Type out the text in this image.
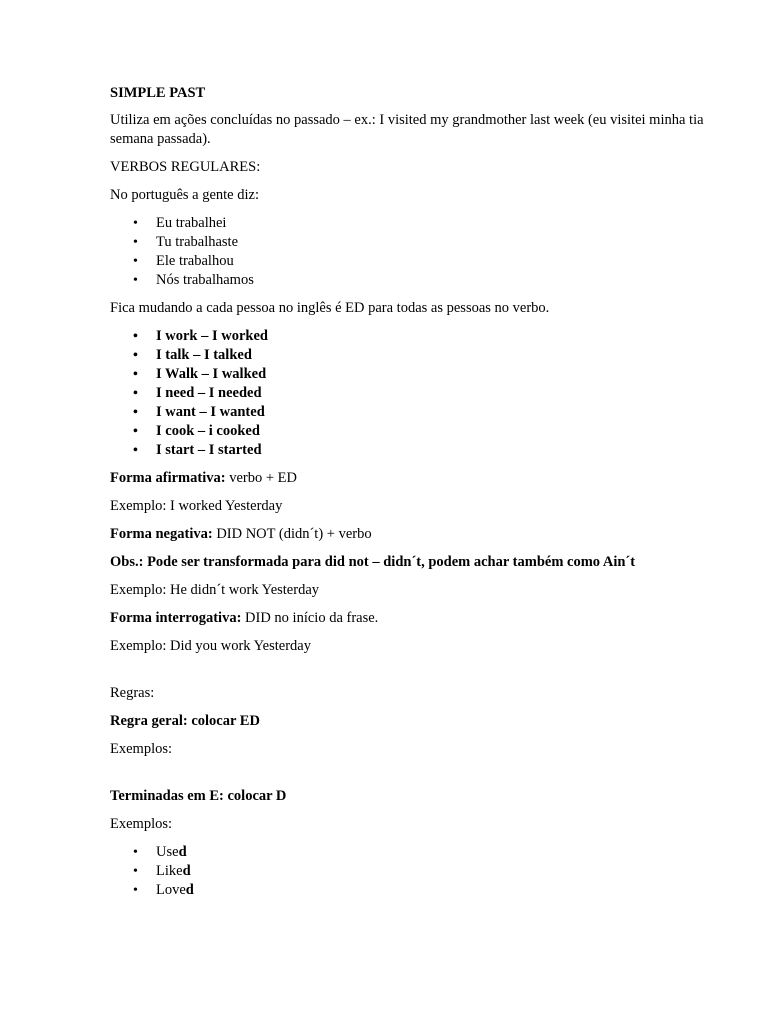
SIMPLE PAST

Utiliza em ações concluídas no passado – ex.: I visited my grandmother last week (eu visitei minha tia semana passada).

VERBOS REGULARES:

No português a gente diz:

• Eu trabalhei
• Tu trabalhaste
• Ele trabalhou
• Nós trabalhamos

Fica mudando a cada pessoa no inglês é ED para todas as pessoas no verbo.

• I work – I worked
• I talk – I talked
• I Walk – I walked
• I need – I needed
• I want – I wanted
• I cook – i cooked
• I start – I started

Forma afirmativa: verbo + ED

Exemplo: I worked Yesterday

Forma negativa: DID NOT (didn´t) + verbo

Obs.: Pode ser transformada para did not – didn´t, podem achar também como Ain´t

Exemplo: He didn´t work Yesterday

Forma interrogativa: DID no início da frase.

Exemplo: Did you work Yesterday

Regras:

Regra geral: colocar ED

Exemplos:

Terminadas em E: colocar D

Exemplos:

• Used
• Liked
• Loved
